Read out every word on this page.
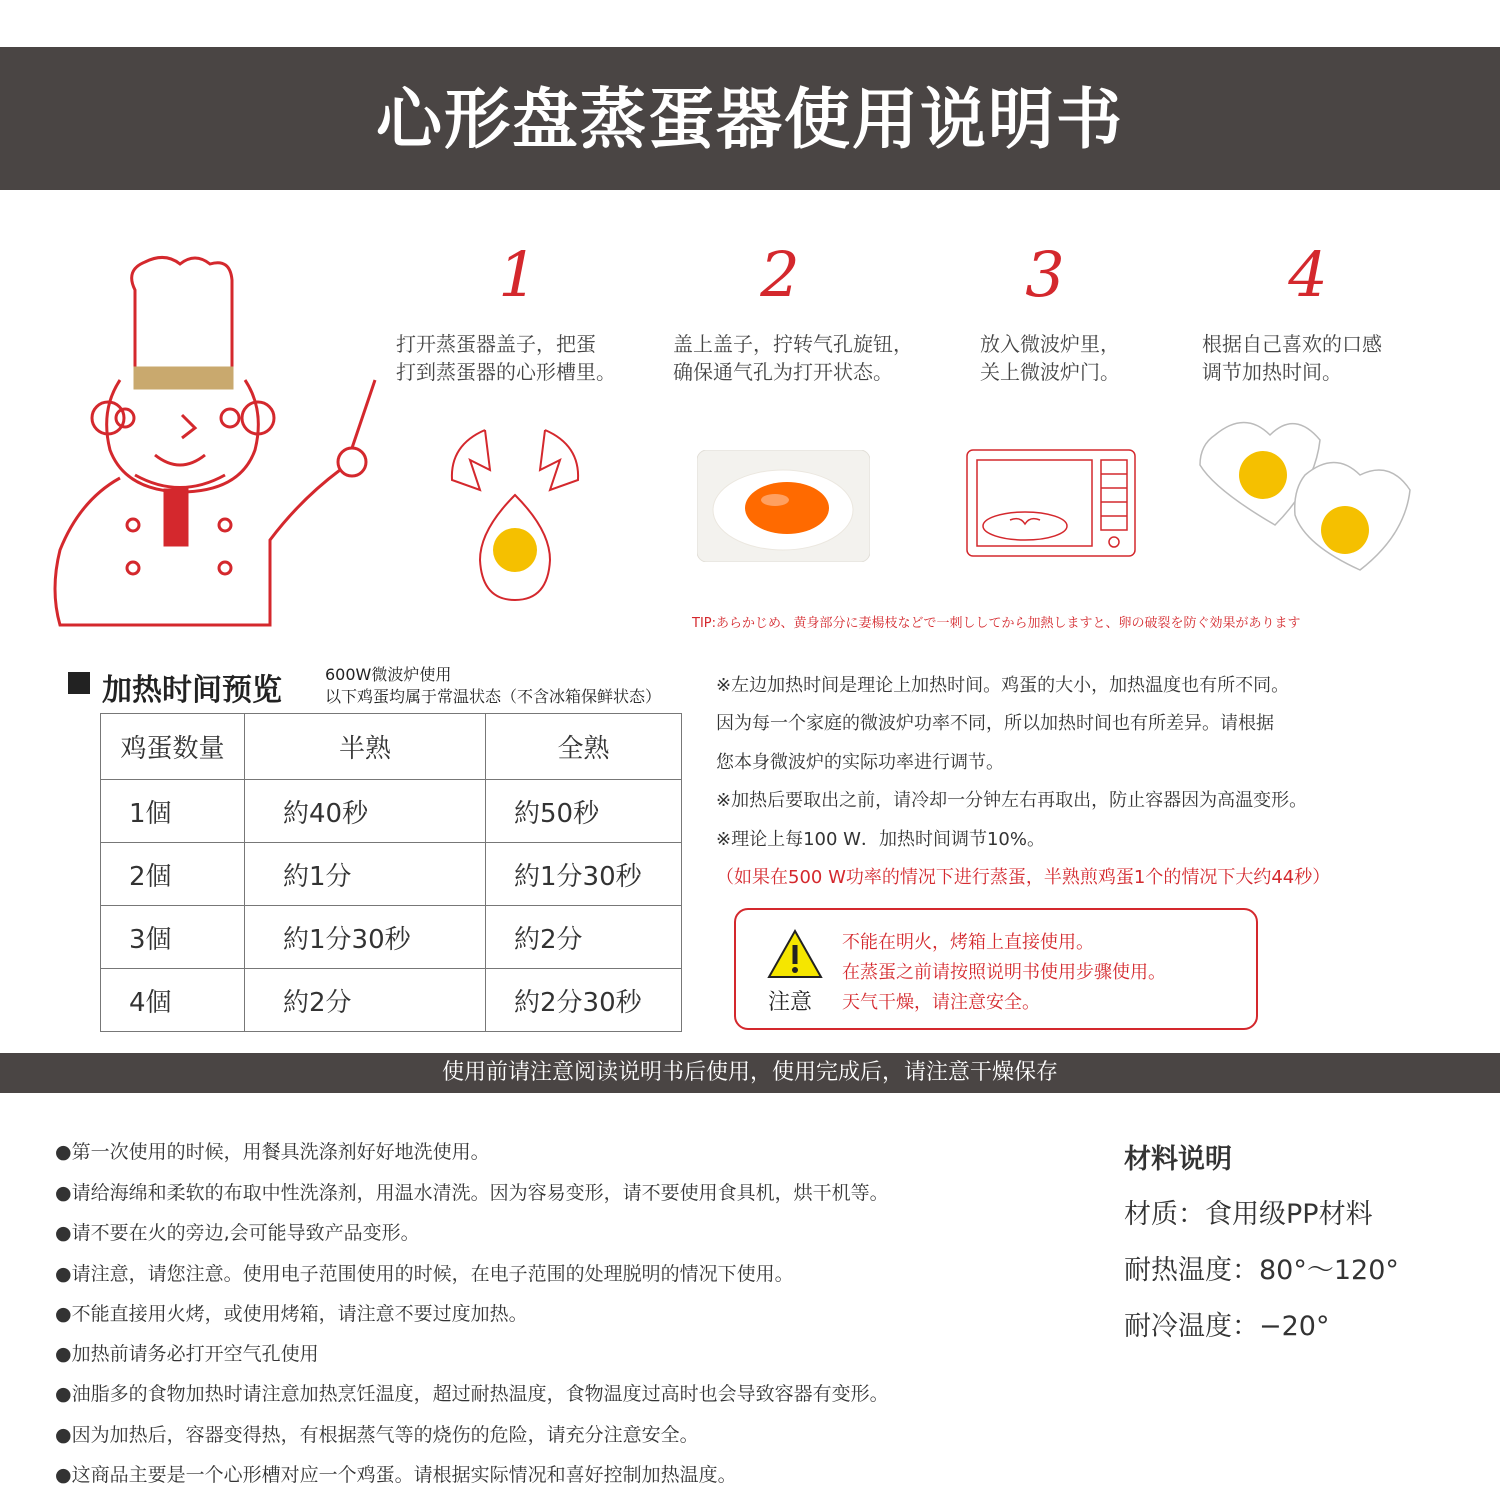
心形盘蒸蛋器使用说明书
1	2	3	4
打开蒸蛋器盖子，把蛋
打到蒸蛋器的心形槽里。
盖上盖子，拧转气孔旋钮，
确保通气孔为打开状态。
放入微波炉里，
关上微波炉门。
根据自己喜欢的口感
调节加热时间。
TIP:あらかじめ、黄身部分に妻楊枝などで一刺ししてから加熱しますと、卵の破裂を防ぐ効果があります
加热时间预览	600W微波炉使用
以下鸡蛋均属于常温状态（不含冰箱保鲜状态）
鸡蛋数量	半熟	全熟
1個	約40秒	約50秒
2個	約1分	約1分30秒
3個	約1分30秒	約2分
4個	約2分	約2分30秒
※左边加热时间是理论上加热时间。鸡蛋的大小，加热温度也有所不同。
因为每一个家庭的微波炉功率不同，所以加热时间也有所差异。请根据
您本身微波炉的实际功率进行调节。
※加热后要取出之前，请冷却一分钟左右再取出，防止容器因为高温变形。
※理论上每100 W．加热时间调节10%。
（如果在500 W功率的情况下进行蒸蛋，半熟煎鸡蛋1个的情况下大约44秒）
注意
不能在明火，烤箱上直接使用。
在蒸蛋之前请按照说明书使用步骤使用。
天气干燥，请注意安全。
使用前请注意阅读说明书后使用，使用完成后，请注意干燥保存
●第一次使用的时候，用餐具洗涤剂好好地洗使用。
●请给海绵和柔软的布取中性洗涤剂，用温水清洗。因为容易变形，请不要使用食具机，烘干机等。
●请不要在火的旁边,会可能导致产品变形。
●请注意，请您注意。使用电子范围使用的时候，在电子范围的处理脱明的情况下使用。
●不能直接用火烤，或使用烤箱，请注意不要过度加热。
●加热前请务必打开空气孔使用
●油脂多的食物加热时请注意加热烹饪温度，超过耐热温度，食物温度过高时也会导致容器有变形。
●因为加热后，容器变得热，有根据蒸气等的烧伤的危险，请充分注意安全。
●这商品主要是一个心形槽对应一个鸡蛋。请根据实际情况和喜好控制加热温度。
材料说明
材质：食用级PP材料
耐热温度：80°～120°
耐冷温度：−20°
